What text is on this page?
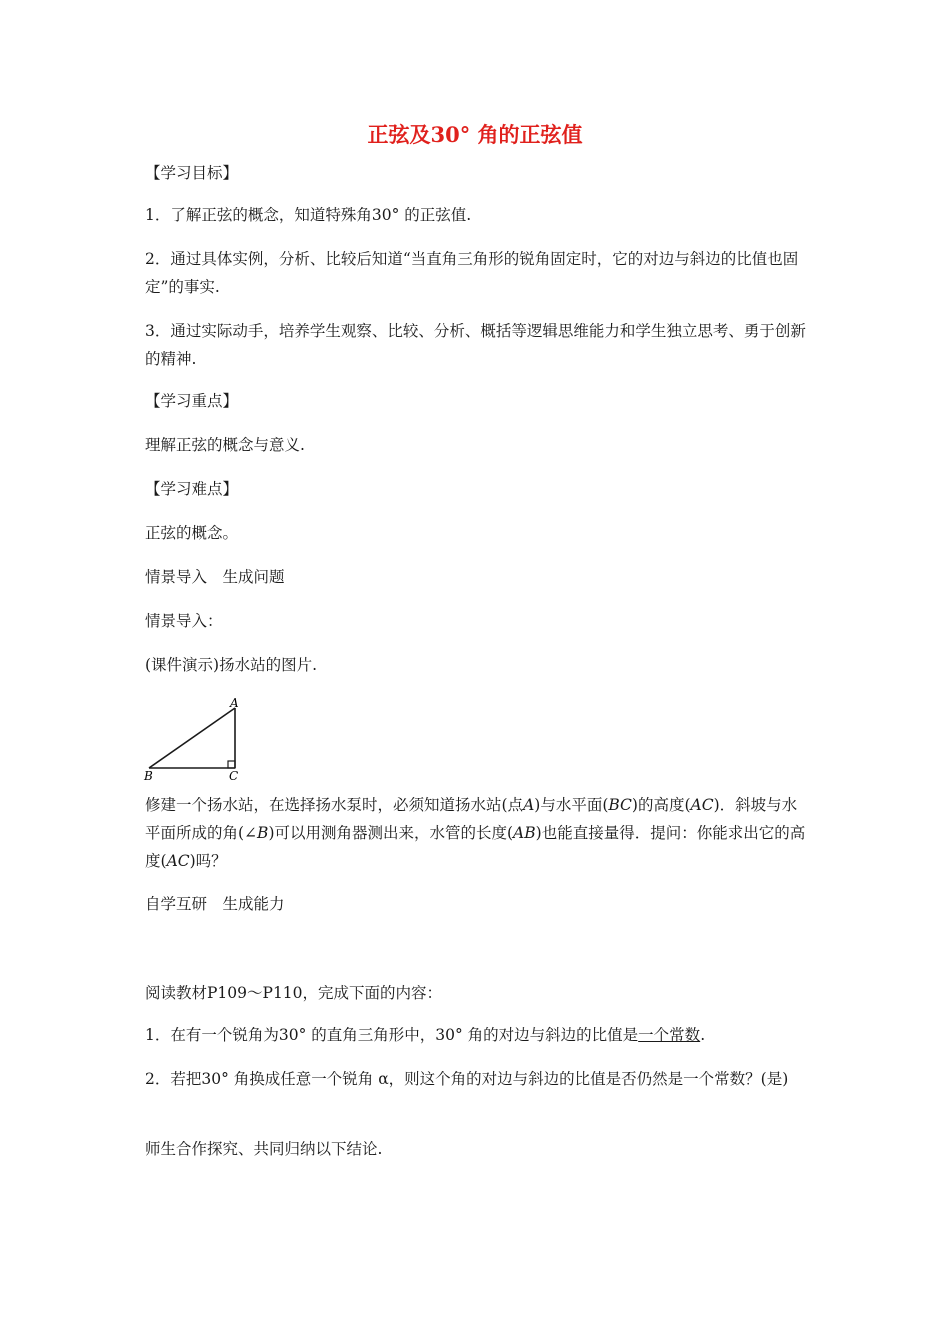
正弦及30° 角的正弦值
【学习目标】
1．了解正弦的概念，知道特殊角30° 的正弦值.
2．通过具体实例，分析、比较后知道“当直角三角形的锐角固定时，它的对边与斜边的比值也固定”的事实.
3．通过实际动手，培养学生观察、比较、分析、概括等逻辑思维能力和学生独立思考、勇于创新的精神.
【学习重点】
理解正弦的概念与意义.
【学习难点】
正弦的概念。
情景导入　生成问题
情景导入：
(课件演示)扬水站的图片.
A
B	C
修建一个扬水站，在选择扬水泵时，必须知道扬水站(点A)与水平面(BC)的高度(AC)．斜坡与水平面所成的角(∠B)可以用测角器测出来，水管的长度(AB)也能直接量得．提问：你能求出它的高度(AC)吗？
自学互研　生成能力
阅读教材P109～P110，完成下面的内容：
1．在有一个锐角为30° 的直角三角形中，30° 角的对边与斜边的比值是一个常数.
2．若把30° 角换成任意一个锐角 α，则这个角的对边与斜边的比值是否仍然是一个常数？(是)
师生合作探究、共同归纳以下结论.
